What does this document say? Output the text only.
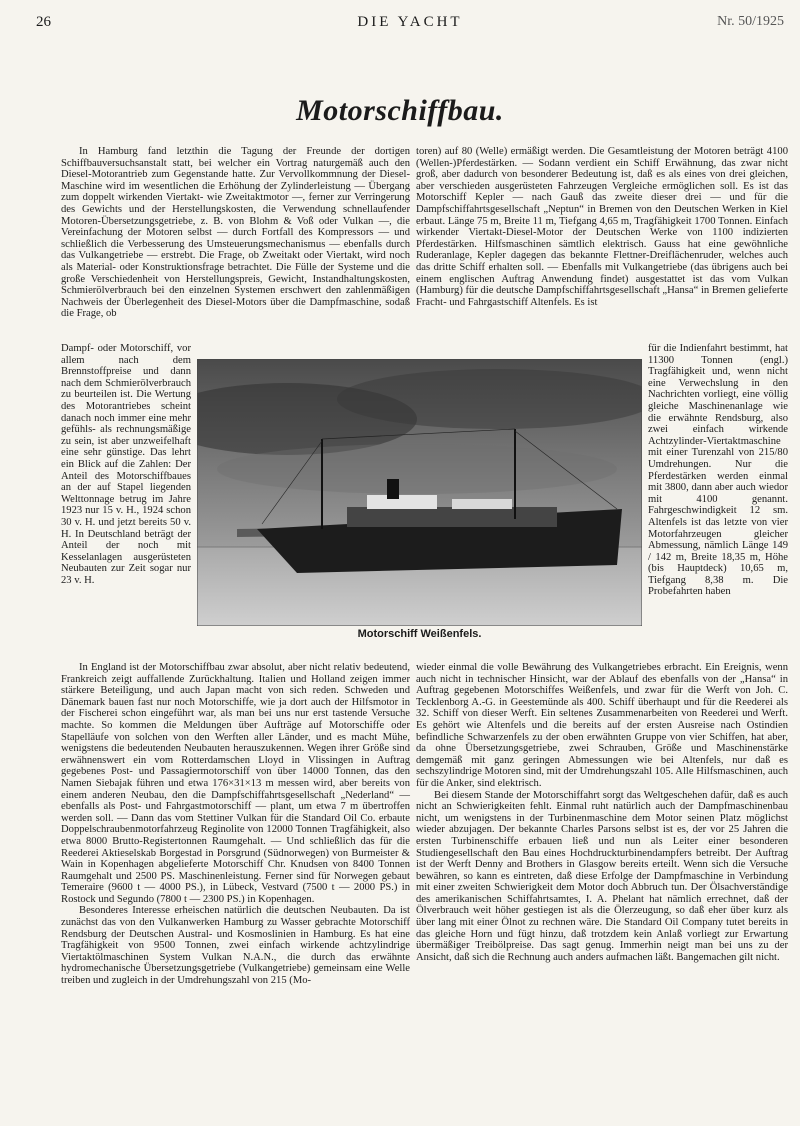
26	DIE YACHT	Nr. 50/1925
Motorschiffbau.

In Hamburg fand letzthin die Tagung der Freunde der dortigen Schiffbauversuchsanstalt statt, bei welcher ein Vortrag naturgemäß auch den Diesel-Motorantrieb zum Gegenstande hatte. Zur Vervollkommnung der Diesel-Maschine wird im wesentlichen die Erhöhung der Zylinderleistung — Übergang zum doppelt wirkenden Viertakt- wie Zweitaktmotor —, ferner zur Verringerung des Gewichts und der Herstellungskosten, die Verwendung schnellaufender Motoren-Übersetzungsgetriebe, z. B. von Blohm & Voß oder Vulkan —, die Vereinfachung der Motoren selbst — durch Fortfall des Kompressors — und schließlich die Verbesserung des Umsteuerungsmechanismus — ebenfalls durch das Vulkangetriebe — erstrebt. Die Frage, ob Zweitakt oder Viertakt, wird noch als Material- oder Konstruktionsfrage betrachtet. Die Fülle der Systeme und die große Verschiedenheit von Herstellungspreis, Gewicht, Instandhaltungskosten, Schmierölverbrauch bei den einzelnen Systemen erschwert den zahlenmäßigen Nachweis der Überlegenheit des Diesel-Motors über die Dampfmaschine, sodaß die Frage, ob

toren) auf 80 (Welle) ermäßigt werden. Die Gesamtleistung der Motoren beträgt 4100 (Wellen-)Pferdestärken. — Sodann verdient ein Schiff Erwähnung, das zwar nicht groß, aber dadurch von besonderer Bedeutung ist, daß es als eines von drei gleichen, aber verschieden ausgerüsteten Fahrzeugen Vergleiche ermöglichen soll. Es ist das Motorschiff Kepler — nach Gauß das zweite dieser drei — und für die Dampfschiffahrtsgesellschaft „Neptun“ in Bremen von den Deutschen Werken in Kiel erbaut. Länge 75 m, Breite 11 m, Tiefgang 4,65 m, Tragfähigkeit 1700 Tonnen. Einfach wirkender Viertakt-Diesel-Motor der Deutschen Werke von 1100 indizierten Pferdestärken. Hilfsmaschinen sämtlich elektrisch. Gauss hat eine gewöhnliche Ruderanlage, Kepler dagegen das bekannte Flettner-Dreiflächenruder, welches auch das dritte Schiff erhalten soll. — Ebenfalls mit Vulkangetriebe (das übrigens auch bei einem englischen Auftrag Anwendung findet) ausgestattet ist das vom Vulkan (Hamburg) für die deutsche Dampfschiffahrtsgesellschaft „Hansa“ in Bremen gelieferte Fracht- und Fahrgastschiff Altenfels. Es ist

Dampf- oder Motorschiff, vor allem nach dem Brennstoffpreise und dann nach dem Schmierölverbrauch zu beurteilen ist. Die Wertung des Motorantriebes scheint danach noch immer eine mehr gefühls- als rechnungsmäßige zu sein, ist aber unzweifelhaft eine sehr günstige. Das lehrt ein Blick auf die Zahlen: Der Anteil des Motorschiffbaues an der auf Stapel liegenden Welttonnage betrug im Jahre 1923 nur 15 v. H., 1924 schon 30 v. H. und jetzt bereits 50 v. H. In Deutschland beträgt der Anteil der noch mit Kesselanlagen ausgerüsteten Neubauten zur Zeit sogar nur 23 v. H.

Motorschiff Weißenfels.

für die Indienfahrt bestimmt, hat 11300 Tonnen (engl.) Tragfähigkeit und, wenn nicht eine Verwechslung in den Nachrichten vorliegt, eine völlig gleiche Maschinenanlage wie die erwähnte Rendsburg, also zwei einfach wirkende Achtzylinder-Viertaktmaschine mit einer Turenzahl von 215/80 Umdrehungen. Nur die Pferdestärken werden einmal mit 3800, dann aber auch wiedor mit 4100 genannt. Fahrgeschwindigkeit 12 sm. Altenfels ist das letzte von vier Motorfahrzeugen gleicher Abmessung, nämlich Länge 149 / 142 m, Breite 18,35 m, Höhe (bis Hauptdeck) 10,65 m, Tiefgang 8,38 m. Die Probefahrten haben

In England ist der Motorschiffbau zwar absolut, aber nicht relativ bedeutend, Frankreich zeigt auffallende Zurückhaltung. Italien und Holland zeigen immer stärkere Beteiligung, und auch Japan macht von sich reden. Schweden und Dänemark bauen fast nur noch Motorschiffe, wie ja dort auch der Hilfsmotor in der Fischerei schon eingeführt war, als man bei uns nur erst tastende Versuche machte. So kommen die Meldungen über Aufträge auf Motorschiffe oder Stapelläufe von solchen von den Werften aller Länder, und es macht Mühe, wenigstens die bedeutenden Neubauten herauszukennen. Wegen ihrer Größe sind erwähnenswert ein vom Rotterdamschen Lloyd in Vlissingen in Auftrag gegebenes Post- und Passagiermotorschiff von über 14000 Tonnen, das den Namen Siebajak führen und etwa 176×31×13 m messen wird, aber bereits von einem anderen Neubau, den die Dampfschiffahrtsgesellschaft „Nederland“ — ebenfalls als Post- und Fahrgastmotorschiff — plant, um etwa 7 m übertroffen werden soll. — Dann das vom Stettiner Vulkan für die Standard Oil Co. erbaute Doppelschraubenmotorfahrzeug Reginolite von 12000 Tonnen Tragfähigkeit, also etwa 8000 Brutto-Registertonnen Raumgehalt. — Und schließlich das für die Reederei Aktieselskab Borgestad in Porsgrund (Südnorwegen) von Burmeister & Wain in Kopenhagen abgelieferte Motorschiff Chr. Knudsen von 8400 Tonnen Raumgehalt und 2500 PS. Maschinenleistung. Ferner sind für Norwegen gebaut Temeraire (9600 t — 4000 PS.), in Lübeck, Vestvard (7500 t — 2000 PS.) in Rostock und Segundo (7800 t — 2300 PS.) in Kopenhagen.

Besonderes Interesse erheischen natürlich die deutschen Neubauten. Da ist zunächst das von den Vulkanwerken Hamburg zu Wasser gebrachte Motorschiff Rendsburg der Deutschen Austral- und Kosmoslinien in Hamburg. Es hat eine Tragfähigkeit von 9500 Tonnen, zwei einfach wirkende achtzylindrige Viertaktölmaschinen System Vulkan N.A.N., die durch das erwähnte hydromechanische Übersetzungsgetriebe (Vulkangetriebe) gemeinsam eine Welle treiben und zugleich in der Umdrehungszahl von 215 (Mo-

wieder einmal die volle Bewährung des Vulkangetriebes erbracht. Ein Ereignis, wenn auch nicht in technischer Hinsicht, war der Ablauf des ebenfalls von der „Hansa“ in Auftrag gegebenen Motorschiffes Weißenfels, und zwar für die Werft von Joh. C. Tecklenborg A.-G. in Geestemünde als 400. Schiff überhaupt und für die Reederei als 32. Schiff von dieser Werft. Ein seltenes Zusammenarbeiten von Reederei und Werft. Es gehört wie Altenfels und die bereits auf der ersten Ausreise nach Ostindien befindliche Schwarzenfels zu der oben erwähnten Gruppe von vier Schiffen, hat aber, da ohne Übersetzungsgetriebe, zwei Schrauben, Größe und Maschinenstärke demgemäß mit ganz geringen Abmessungen wie bei Altenfels, nur daß es sechszylindrige Motoren sind, mit der Umdrehungszahl 105. Alle Hilfsmaschinen, auch für die Anker, sind elektrisch.

Bei diesem Stande der Motorschiffahrt sorgt das Weltgeschehen dafür, daß es auch nicht an Schwierigkeiten fehlt. Einmal ruht natürlich auch der Dampfmaschinenbau nicht, um wenigstens in der Turbinenmaschine dem Motor seinen Platz möglichst wieder abzujagen. Der bekannte Charles Parsons selbst ist es, der vor 25 Jahren die ersten Turbinenschiffe erbauen ließ und nun als Leiter einer besonderen Studiengesellschaft den Bau eines Hochdruckturbinendampfers betreibt. Der Auftrag ist der Werft Denny and Brothers in Glasgow bereits erteilt. Wenn sich die Versuche bewähren, so kann es eintreten, daß diese Erfolge der Dampfmaschine in Verbindung mit einer zweiten Schwierigkeit dem Motor doch Abbruch tun. Der Ölsachverständige des amerikanischen Schiffahrtsamtes, I. A. Phelant hat nämlich errechnet, daß der Ölverbrauch weit höher gestiegen ist als die Ölerzeugung, so daß eher über kurz als über lang mit einer Ölnot zu rechnen wäre. Die Standard Oil Company tutet bereits in das gleiche Horn und fügt hinzu, daß trotzdem kein Anlaß vorliegt zur Erwartung übermäßiger Treibölpreise. Das sagt genug. Immerhin neigt man bei uns zu der Ansicht, daß sich die Rechnung auch anders aufmachen läßt. Bangemachen gilt nicht.
